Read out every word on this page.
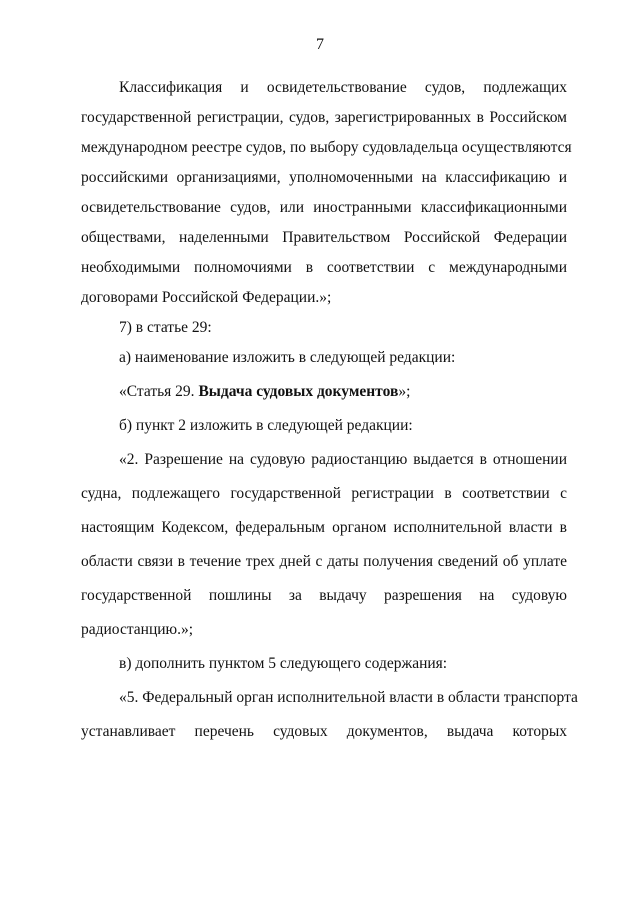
7
Классификация и освидетельствование судов, подлежащих
государственной регистрации, судов, зарегистрированных в Российском
международном реестре судов, по выбору судовладельца осуществляются
российскими организациями, уполномоченными на классификацию и
освидетельствование судов, или иностранными классификационными
обществами, наделенными Правительством Российской Федерации
необходимыми полномочиями в соответствии с международными
договорами Российской Федерации.»;
7) в статье 29:
а) наименование изложить в следующей редакции:
«Статья 29. Выдача судовых документов»;
б) пункт 2 изложить в следующей редакции:
«2. Разрешение на судовую радиостанцию выдается в отношении
судна, подлежащего государственной регистрации в соответствии с
настоящим Кодексом, федеральным органом исполнительной власти в
области связи в течение трех дней с даты получения сведений об уплате
государственной пошлины за выдачу разрешения на судовую
радиостанцию.»;
в) дополнить пунктом 5 следующего содержания:
«5. Федеральный орган исполнительной власти в области транспорта
устанавливает перечень судовых документов, выдача которых
